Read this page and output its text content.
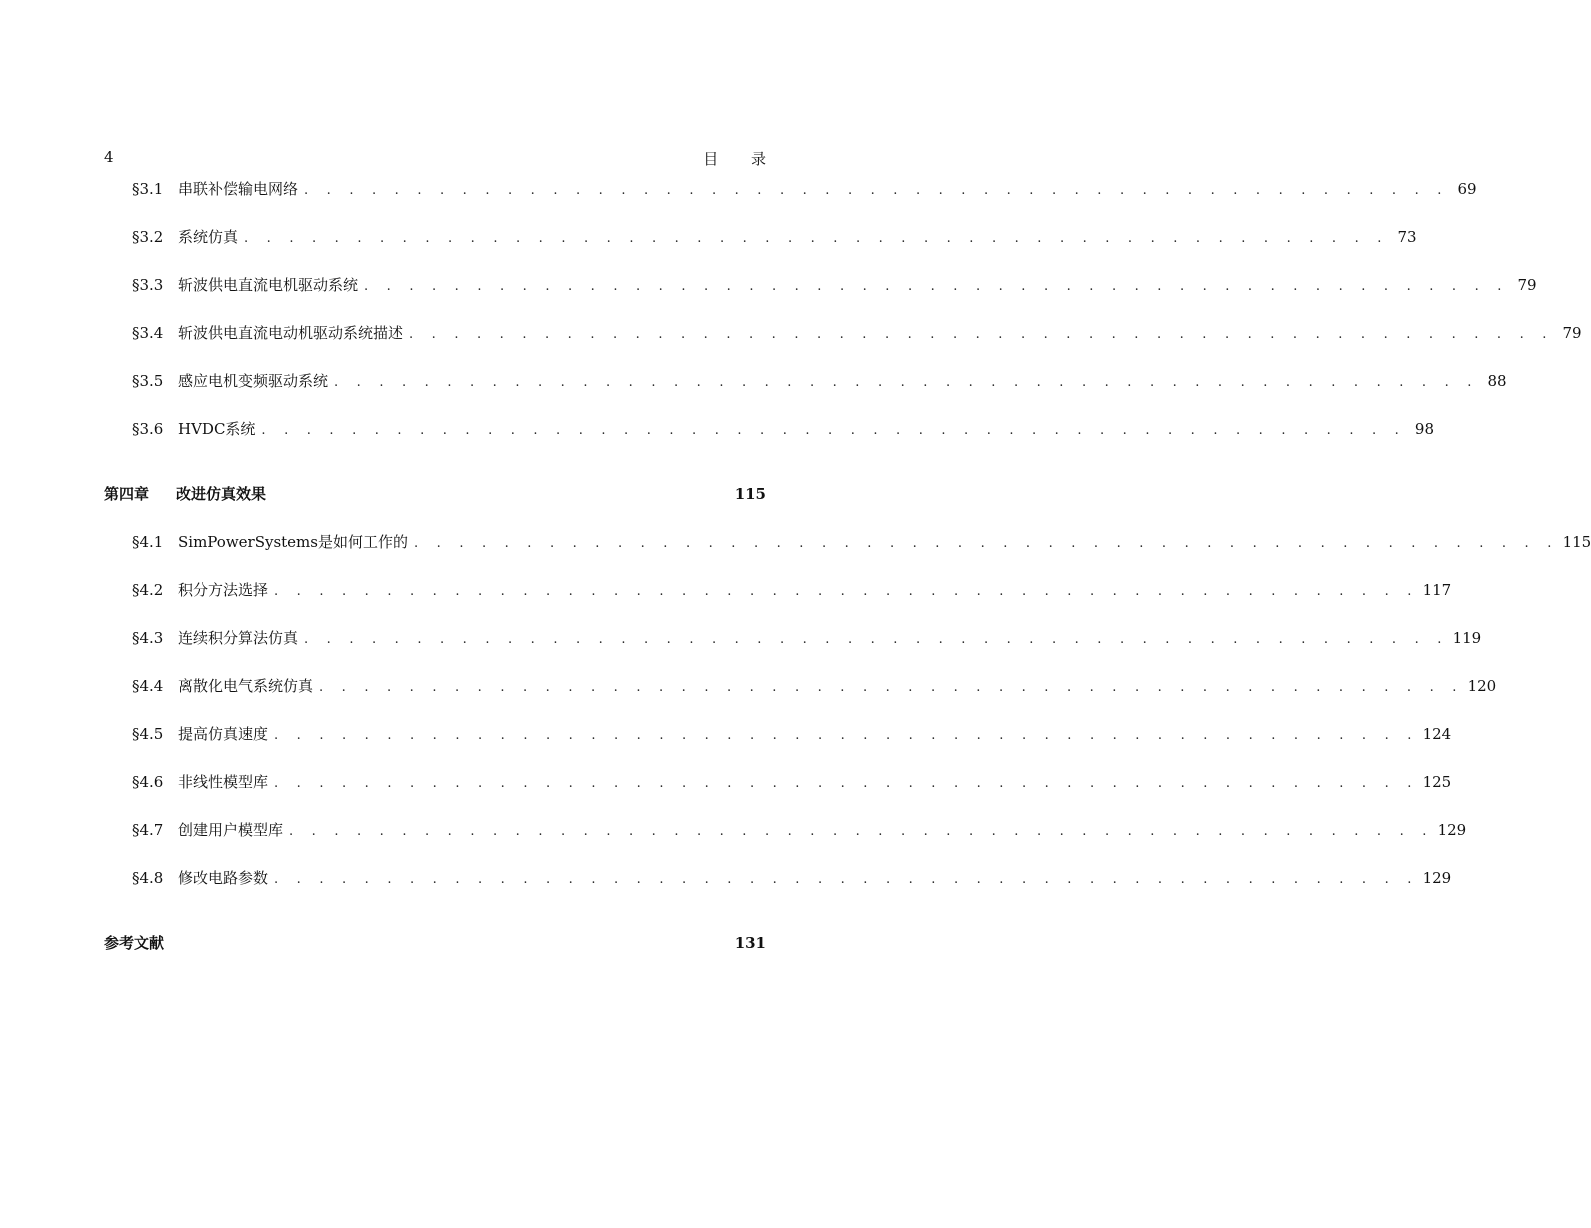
4	目 录
§3.1 串联补偿输电网络 . . . . . . . . . . . . . . . . . . . . . . . . . . . . . . . . . . . . . . . . . . . . . . . . . . . 69
§3.2 系统仿真 . . . . . . . . . . . . . . . . . . . . . . . . . . . . . . . . . . . . . . . . . . . . . . . . . . . 73
§3.3 斩波供电直流电机驱动系统 . . . . . . . . . . . . . . . . . . . . . . . . . . . . . . . . . . . . . . . . . . . . . . . . . . . 79
§3.4 斩波供电直流电动机驱动系统描述 . . . . . . . . . . . . . . . . . . . . . . . . . . . . . . . . . . . . . . . . . . . . . . . . . . . 79
§3.5 感应电机变频驱动系统 . . . . . . . . . . . . . . . . . . . . . . . . . . . . . . . . . . . . . . . . . . . . . . . . . . . 88
§3.6 HVDC系统 . . . . . . . . . . . . . . . . . . . . . . . . . . . . . . . . . . . . . . . . . . . . . . . . . . . 98
第四章	改进仿真效果	115
§4.1 SimPowerSystems是如何工作的 . . . . . . . . . . . . . . . . . . . . . . . . . . . . . . . . . . . . . . . . . . . . . . . . . . . 115
§4.2 积分方法选择 . . . . . . . . . . . . . . . . . . . . . . . . . . . . . . . . . . . . . . . . . . . . . . . . . . . 117
§4.3 连续积分算法仿真 . . . . . . . . . . . . . . . . . . . . . . . . . . . . . . . . . . . . . . . . . . . . . . . . . . . 119
§4.4 离散化电气系统仿真 . . . . . . . . . . . . . . . . . . . . . . . . . . . . . . . . . . . . . . . . . . . . . . . . . . . 120
§4.5 提高仿真速度 . . . . . . . . . . . . . . . . . . . . . . . . . . . . . . . . . . . . . . . . . . . . . . . . . . . 124
§4.6 非线性模型库 . . . . . . . . . . . . . . . . . . . . . . . . . . . . . . . . . . . . . . . . . . . . . . . . . . . 125
§4.7 创建用户模型库 . . . . . . . . . . . . . . . . . . . . . . . . . . . . . . . . . . . . . . . . . . . . . . . . . . . 129
§4.8 修改电路参数 . . . . . . . . . . . . . . . . . . . . . . . . . . . . . . . . . . . . . . . . . . . . . . . . . . . 129
参考文献	131
